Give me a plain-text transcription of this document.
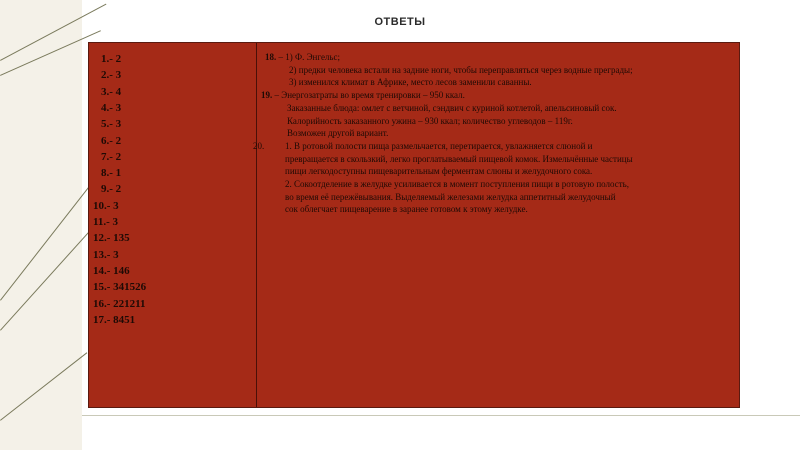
ОТВЕТЫ
1.- 2
2.- 3
3.- 4
4.- 3
5.- 3
6.- 2
7.- 2
8.- 1
9.- 2
10.- 3
11.- 3
12.- 135
13.- 3
14.- 146
15.- 341526
16.- 221211
17.- 8451
18. – 1) Ф. Энгельс;
2) предки человека встали на задние ноги, чтобы переправляться через водные преграды;
3) изменился климат в Африке, место лесов заменили саванны.
19. – Энергозатраты во время тренировки – 950 ккал.
Заказанные блюда: омлет с ветчиной, сэндвич с куриной котлетой, апельсиновый сок.
Калорийность заказанного ужина – 930 ккал; количество углеводов – 119г.
Возможен другой вариант.
20. 1. В ротовой полости пища размельчается, перетирается, увлажняется слюной и
превращается в скользкий, легко проглатываемый пищевой комок. Измельчённые частицы
пищи легкодоступны пищеварительным ферментам слюны и желудочного сока.
2. Сокоотделение в желудке усиливается в момент поступления пищи в ротовую полость,
во время её пережёвывания. Выделяемый железами желудка аппетитный желудочный
сок облегчает пищеварение в заранее готовом к этому желудке.
